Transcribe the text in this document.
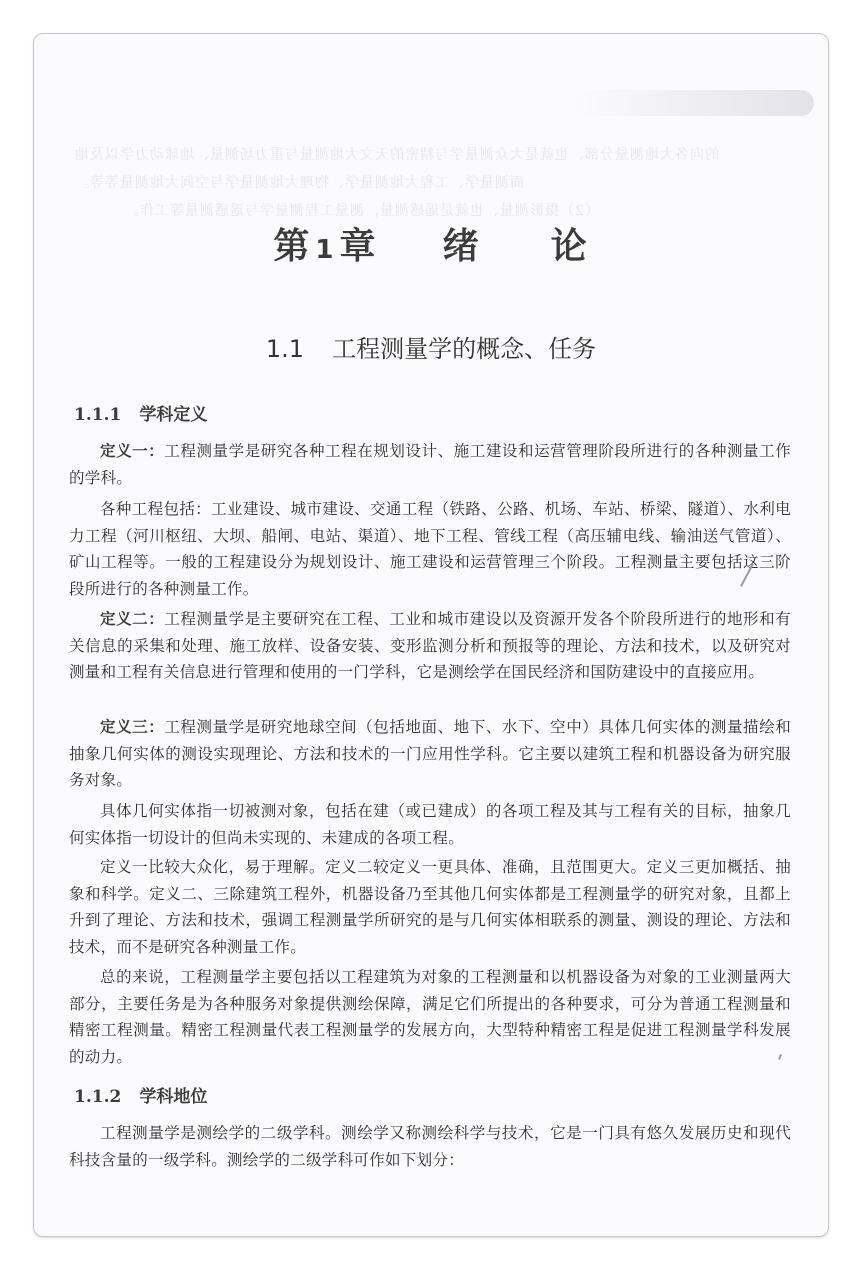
的向各大地测量分部、也就是大众测量学与精密的天文大地测量与重力场测量、地球动力学以及地
面测量学、工程大地测量学、物理大地测量学与空间大地测量等等。
（2）摄影测量、也就是遥感测量，测量工程测量学与遥感测量等工作。
第 1 章 绪 论
1.1 工程测量学的概念、任务
1.1.1 学科定义
定义一：工程测量学是研究各种工程在规划设计、施工建设和运营管理阶段所进行的各种测量工作的学科。
各种工程包括：工业建设、城市建设、交通工程（铁路、公路、机场、车站、桥梁、隧道）、水利电力工程（河川枢纽、大坝、船闸、电站、渠道）、地下工程、管线工程（高压辅电线、输油送气管道）、矿山工程等。一般的工程建设分为规划设计、施工建设和运营管理三个阶段。工程测量主要包括这三阶段所进行的各种测量工作。
定义二：工程测量学是主要研究在工程、工业和城市建设以及资源开发各个阶段所进行的地形和有关信息的采集和处理、施工放样、设备安装、变形监测分析和预报等的理论、方法和技术，以及研究对测量和工程有关信息进行管理和使用的一门学科，它是测绘学在国民经济和国防建设中的直接应用。
定义三：工程测量学是研究地球空间（包括地面、地下、水下、空中）具体几何实体的测量描绘和抽象几何实体的测设实现理论、方法和技术的一门应用性学科。它主要以建筑工程和机器设备为研究服务对象。
具体几何实体指一切被测对象，包括在建（或已建成）的各项工程及其与工程有关的目标，抽象几何实体指一切设计的但尚未实现的、未建成的各项工程。
定义一比较大众化，易于理解。定义二较定义一更具体、准确，且范围更大。定义三更加概括、抽象和科学。定义二、三除建筑工程外，机器设备乃至其他几何实体都是工程测量学的研究对象，且都上升到了理论、方法和技术，强调工程测量学所研究的是与几何实体相联系的测量、测设的理论、方法和技术，而不是研究各种测量工作。
总的来说，工程测量学主要包括以工程建筑为对象的工程测量和以机器设备为对象的工业测量两大部分，主要任务是为各种服务对象提供测绘保障，满足它们所提出的各种要求，可分为普通工程测量和精密工程测量。精密工程测量代表工程测量学的发展方向，大型特种精密工程是促进工程测量学科发展的动力。
1.1.2 学科地位
工程测量学是测绘学的二级学科。测绘学又称测绘科学与技术，它是一门具有悠久发展历史和现代科技含量的一级学科。测绘学的二级学科可作如下划分：
